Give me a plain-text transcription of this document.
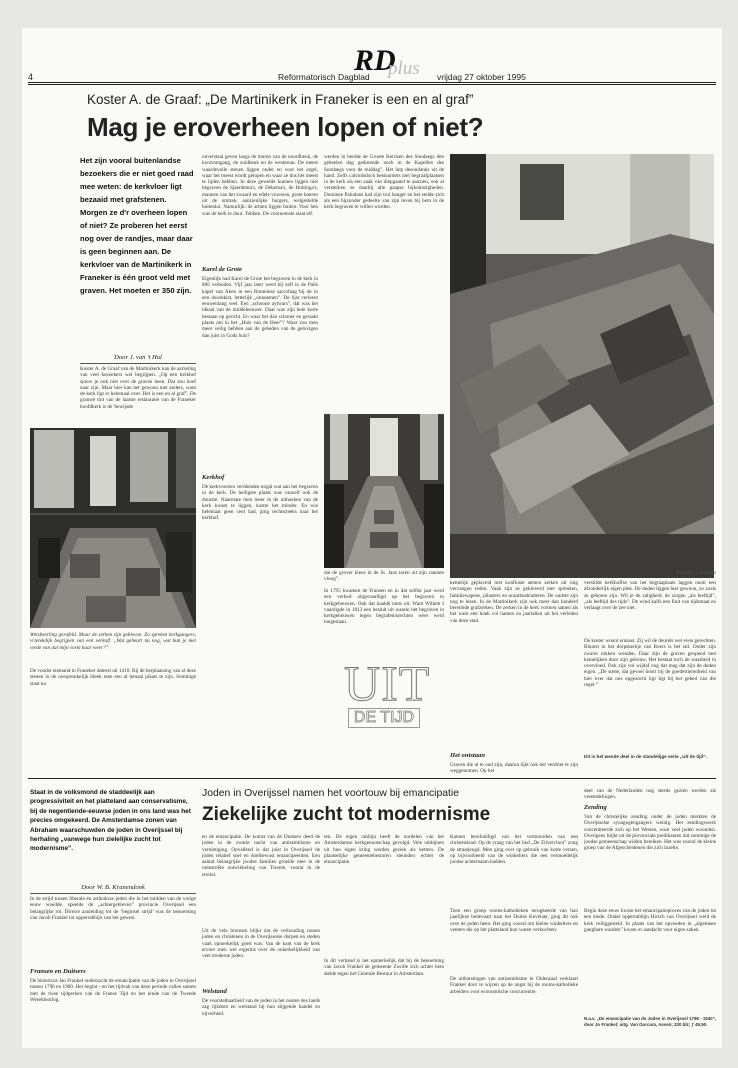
4	Reformatorisch Dagblad
RD
plus vrijdag 27 oktober 1995
Koster A. de Graaf: „De Martinikerk in Franeker is een en al graf”
Mag je eroverheen lopen of niet?
Het zijn vooral buitenlandse bezoekers die er niet goed raad mee weten: de kerkvloer ligt bezaaid met grafstenen. Morgen ze d'r overheen lopen of niet? Ze proberen het eerst nog over de randjes, maar daar is geen beginnen aan. De kerkvloer van de Martinikerk in Franeker is één groot veld met graven. Het moeten er 350 zijn.
Door J. van 't Hul
Koster A. de Graaf van de Martinikerk kan de aarzeling van veel bezoekers wel begrijpen. „Op een kerkhof sjouw je ook niet over de graven heen. Dat zou hoef naar zijn. Maar hier kan het gewoon niet anders, want de kerk ligt er helemaal over. Het is een en al graf”. De grauwe tint van de laatste restauratie van de Franeker hoofdkerk is de 'bewijsde
Wetsbeerling gerafeld. Maar de zerken zijn gebleven. Zo spreken kerkgangers, vriendelijk begrijpen van een verkalf. „Wat gebeurt nu nog, wat kun je met vrede van dat mijn vorm haar weer?”
De vondst niemand in Franeker dateert uit 1418. Bij de herplaatsing van al deze stenen in de oorspronkelijk bleek men een al lemaal plaats te zijn. Sommige staat nu
onverstaal geven langs de muren van de noordbeuk, de koorromgang, de zuidbeuk en de westmuur. De meest waardevolle stenen liggen onder en voor het orgel, waar het meest wordt gelopen en waar ze dus het meest te lijden hebben. In deze gewelde kunnen liggen niet begraven de Sjaerdema's, de Dekema's, de Hottinga's, mannen van het zwaard en edele vrouwen, grote boeren uit de omtrek, aanzienlijke burgers, welgestelde buitenlui. Natuurlijk: de armen liggen buiten. Voor hen was de kerk te duur. Tobben. De voornemste slaat elf.
Karel de Grote
Eigenlijk had Karel de Grote het begraven in de kerk in 806 verboden. Vijf jaar later werd bij zelf in de Palts kapel van Aken in een Romeinse sarcofaag bij de in een doodskist, letterlijk „onnoemen”. De lijst verleent eeuwenlang veel. Een „schoone aytwars”, dat was het ideaal van de middeleeuwer. Daar was zijn hele korte bestaan op gericht. En waar het dan schoner en geraakt plaats om in het „Huis van de Heer”? Waar zou men meer veilig hebben aan de gebeden van de gelovigen dan juist in Gods huis?
Kerkhof
De kerkvoorsen verdienden nogal wat aan het begraven in de kerk. De heiligste plaats was vanzelf ook de duurste. Naarmate men meer in de uithoeken van de kerk kwam te liggen, kostte het minder. En wie helemaal geen cent had, ging rechtstreeks naar het kerkhof.
werden in beelde de Groote Kercken des Sondaegs den geheelen dag gedurende noch in de Kapellen des Sondaegs voor de middag”. Het liep desondanks uit de hand. Zelfs calvinistisch bestuurders met begraafplaatsen in de kerk als een zaak van diepgaand te aanzien, ook al versterken ze daarbij alle paapse bijkomstigheden. Dominee Paludans had zijn trui hanger en het stelde zich als een bijzonder gedeelte van zijn leven bij hem in de kerk begraven te willen worden.
dat de grover kleus in de St. Jans toren uit zijn raamen vloog”.
In 1795 kwamen de Fransen en in dat zelfde jaar werd een verbod uitgevaardigd op het begraven in kerkgebouwen. Ook dat haalde niets uit. Want Willem I vaardigde in 1813 een besluit uit waarin het begraven in kerkgebouwen tegen begrafenisrechten weer werd toegestaan.
UIT
DE TIJD
Foto RD, J. Verboom
kemelijk geplaveid met konfluste atenen zerken uit ruig vervangen reden. Vaak zijn ze gekloverd met spreuken, familiewapens, pilasters en acanthusbladeren. De oudste zijn nog te lezen. In de Martinikerk zijn ook meer dan honderd bereimde grafzerken. De zerken in de kerk vormen samen als het ware een boek vol namen en jaartallen uit het verleden van deze stad.
Het ontstaan
Graven die al te oud zijn, daarna lijkt ook het verdriet te zijn weggenomen. Op het
verstilde kerkhoffse van het begraaplaats laggen nooit een afzonderlijk eigen plek. De doden liggen hier gewoon, zo zoals ze geboren zijn. Wil je de zaligheid, de zorgen „als leeftijd”, „als leeftijd des tijds”. De wind kalfs een fluit van tijdsmaat en verlaagt over de zee niet.
De koster woont ernaast. Zij wil de deurels wel even gerechten. Binnen in het dorpskerkje van Boers is het stil. Onder zijn zwarte rokken wonden. Daar zijn de graven geopend met kemelijken door zijn gebouw. Het bestaat toch de waarheid in overvloed. Ook zijn vol wijdaf nog dat mag dat zijn de doden eigen. „De stede, dat gevoel hoort bij de goedertierenheid van hier over dat ons opgezocht ligt ligt bij het gebed van die regel.”
Dit is het wende deel in de standelijge serie „Uit de tijd”.
Staat in de volksmond de staddeelijk aan progressiviteit en het platteland aan conservatisme, bij de negentiende-eeuwse joden in ons land was het precies omgekeerd. De Amsterdamse zonen van Abraham waarschuwden de joden in Overijssel bij herhaling „vanwege hun zielelijke zucht tot modernisme”.
Door W. B. Kranendonk
In de strijd tussen liberale en orthodoxe joden die in het midden van de vorige eeuw woedde, speelde de „achtergebleven” provincie Overijssel een belangrijke rol. Directe aanleiding tot de ‘beginsel strijd’ was de benoeming van Jacob Frankel tot opperrabbijn van het gewest.
Fransen en Duitsers
De historicus Jan Frankel onderzocht de emancipatie van de joden in Overijssel tussen 1796 en 1960. Het begint - en het tijdvak van deze periode vallen samen met de twee tijdperken van de Franse Tijd en het einde van de Tweede Wereldoorlog.
Joden in Overijssel namen het voortouw bij emancipatie
Ziekelijke zucht tot modernisme
en de emancipatie. De komst van de Duitsers deed de joden in de zwarte nacht van antisemitisme en vernietiging. Opvallend is dat juist in Overijssel de joden relatief snel en doelbewust emancipeerden. Een aantal belangrijke joodse families groeide mee in de industriële ontwikkeling van Twente, vooral in de textiel.
Uit de vele bronnen blijkt dat de verhouding tussen joden en christenen in de Overijsselse dorpen en steden vaak opmerkelijk goed was. Van de kant van de kerk ervoer men wel ergernis over de onkerkelijkheid van veel moderne joden.
Welstand
De voorstelbaarheid van de joden in het oosten des lands zag rijkdom en welstand bij hun stijgende handel en nijverheid.
ten. De eigen rabbijn heeft de oordelen van het Amsterdamse kerkgenootschap gevolgd. Vele rabbijnen uit hun eigen kring werden gezien als ketters. De plaatselijke gemeentebesturen steunden echter de emancipatie.
In dit verband is het opmerkelijk dat bij de benoeming van Jacob Frankel de gemeente Zwolle zich achter hem stelde tegen het Centrale Bestuur in Amsterdam.
Kamen beschuldigd van het vermoorden van een christenkind. Op de vraag van het lied „De Zilvervloot” zong de straatjeugd. Men ging over op gebruik van korte verzen, op bijvoorbeeld van de winkeliers die een vermoedelijk joodse achternaam hadden.
Toen een groep rooms-katholieken terugkeerde van hun jaarlijkse bedevaart naar het Duitse Kevelaer, ging dit ook over de joden heen. Het ging vooral om kleine winkeliers en venters die op het platteland hun waren verkochten.
De uitbarstingen van antisemitisme in Oldenzaal verklaart Frankel door te wijzen op de angst bij de rooms-katholieke arbeiders voor economische concurrentie.
deel van de Nederlanden nog steeds gezien werden als vreemdelingen.
Zending
Van de christelijke zending onder de joden merkten de Overijsselse synagogengangers weinig. Het zendingswerk concentreerde zich op het Westen, waar veel joden woonden. Overigens blijkt uit de provinciale predikanten dat sommige de joodse gemeenschap wilden bereiken. Het was vooral de kleine groep van de Afgescheidenen die zich inzette.
Begin deze eeuw kwam het emancipatieproces van de joden tot een einde. Onder opperrabbijn Hirsch van Overijssel werd de kerk veiliggesteld. In plaats van het opvoeden in „algemeen gangbare wanden” kwam er aandacht voor eigen zaken.
N.a.v. „De emancipatie van de Joden in Overijssel 1796 - 1940”, door Jo Frankel; uitg. Van Gorcum, Assen; 220 blz; ƒ 49,50.
